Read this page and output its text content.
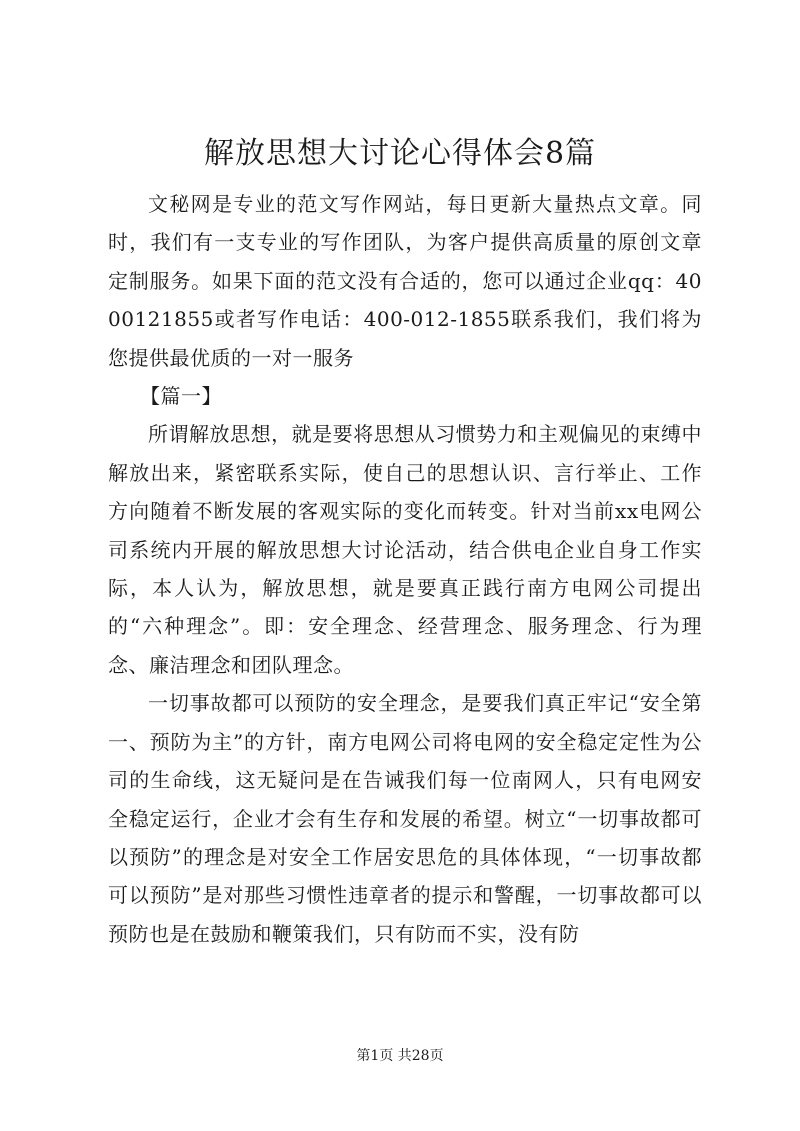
解放思想大讨论心得体会8篇

文秘网是专业的范文写作网站，每日更新大量热点文章。同时，我们有一支专业的写作团队，为客户提供高质量的原创文章定制服务。如果下面的范文没有合适的，您可以通过企业qq：4000121855或者写作电话：400-012-1855联系我们，我们将为您提供最优质的一对一服务

【篇一】

所谓解放思想，就是要将思想从习惯势力和主观偏见的束缚中解放出来，紧密联系实际，使自己的思想认识、言行举止、工作方向随着不断发展的客观实际的变化而转变。针对当前xx电网公司系统内开展的解放思想大讨论活动，结合供电企业自身工作实际，本人认为，解放思想，就是要真正践行南方电网公司提出的“六种理念”。即：安全理念、经营理念、服务理念、行为理念、廉洁理念和团队理念。

一切事故都可以预防的安全理念，是要我们真正牢记“安全第一、预防为主”的方针，南方电网公司将电网的安全稳定定性为公司的生命线，这无疑问是在告诫我们每一位南网人，只有电网安全稳定运行，企业才会有生存和发展的希望。树立“一切事故都可以预防”的理念是对安全工作居安思危的具体体现，“一切事故都可以预防”是对那些习惯性违章者的提示和警醒，一切事故都可以预防也是在鼓励和鞭策我们，只有防而不实，没有防

第1页 共28页
